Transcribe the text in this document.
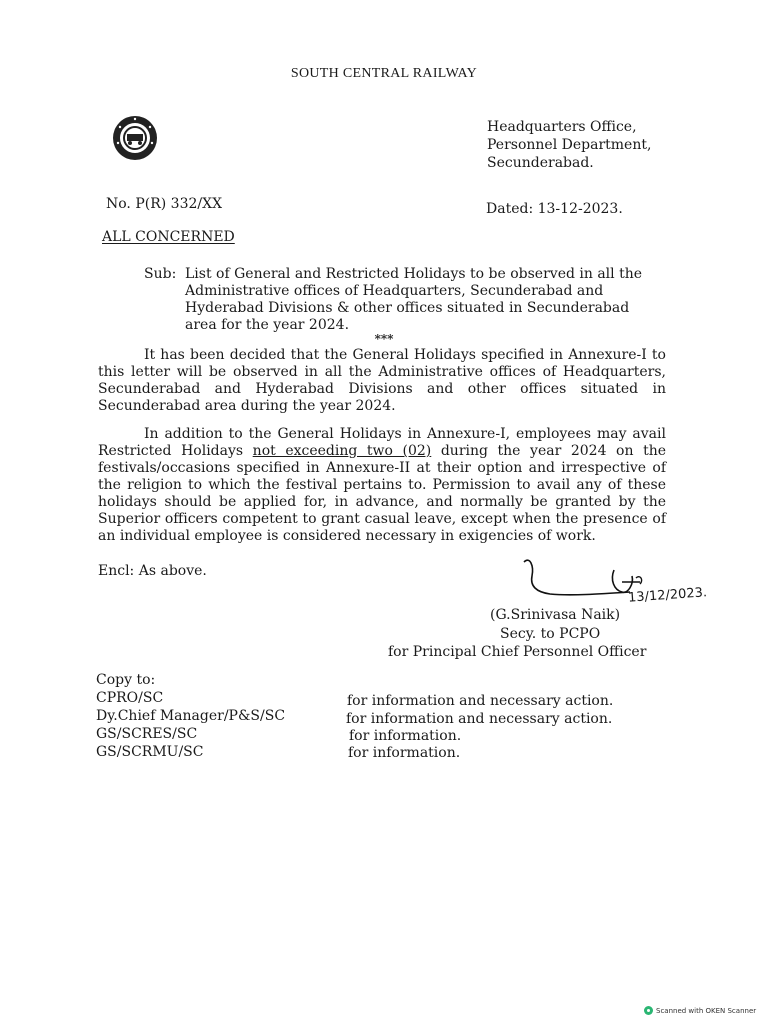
SOUTH CENTRAL RAILWAY
Headquarters Office,
Personnel Department,
Secunderabad.
No. P(R) 332/XX	Dated: 13-12-2023.
ALL CONCERNED
Sub: List of General and Restricted Holidays to be observed in all the Administrative offices of Headquarters, Secunderabad and Hyderabad Divisions & other offices situated in Secunderabad area for the year 2024.
***
It has been decided that the General Holidays specified in Annexure-I to this letter will be observed in all the Administrative offices of Headquarters, Secunderabad and Hyderabad Divisions and other offices situated in Secunderabad area during the year 2024.
In addition to the General Holidays in Annexure-I, employees may avail Restricted Holidays not exceeding two (02) during the year 2024 on the festivals/occasions specified in Annexure-II at their option and irrespective of the religion to which the festival pertains to. Permission to avail any of these holidays should be applied for, in advance, and normally be granted by the Superior officers competent to grant casual leave, except when the presence of an individual employee is considered necessary in exigencies of work.
Encl: As above.
13/12/2023.
(G.Srinivasa Naik)
Secy. to PCPO
for Principal Chief Personnel Officer
Copy to:
CPRO/SC	for information and necessary action.
Dy.Chief Manager/P&S/SC	for information and necessary action.
GS/SCRES/SC	for information.
GS/SCRMU/SC	for information.
Scanned with OKEN Scanner
